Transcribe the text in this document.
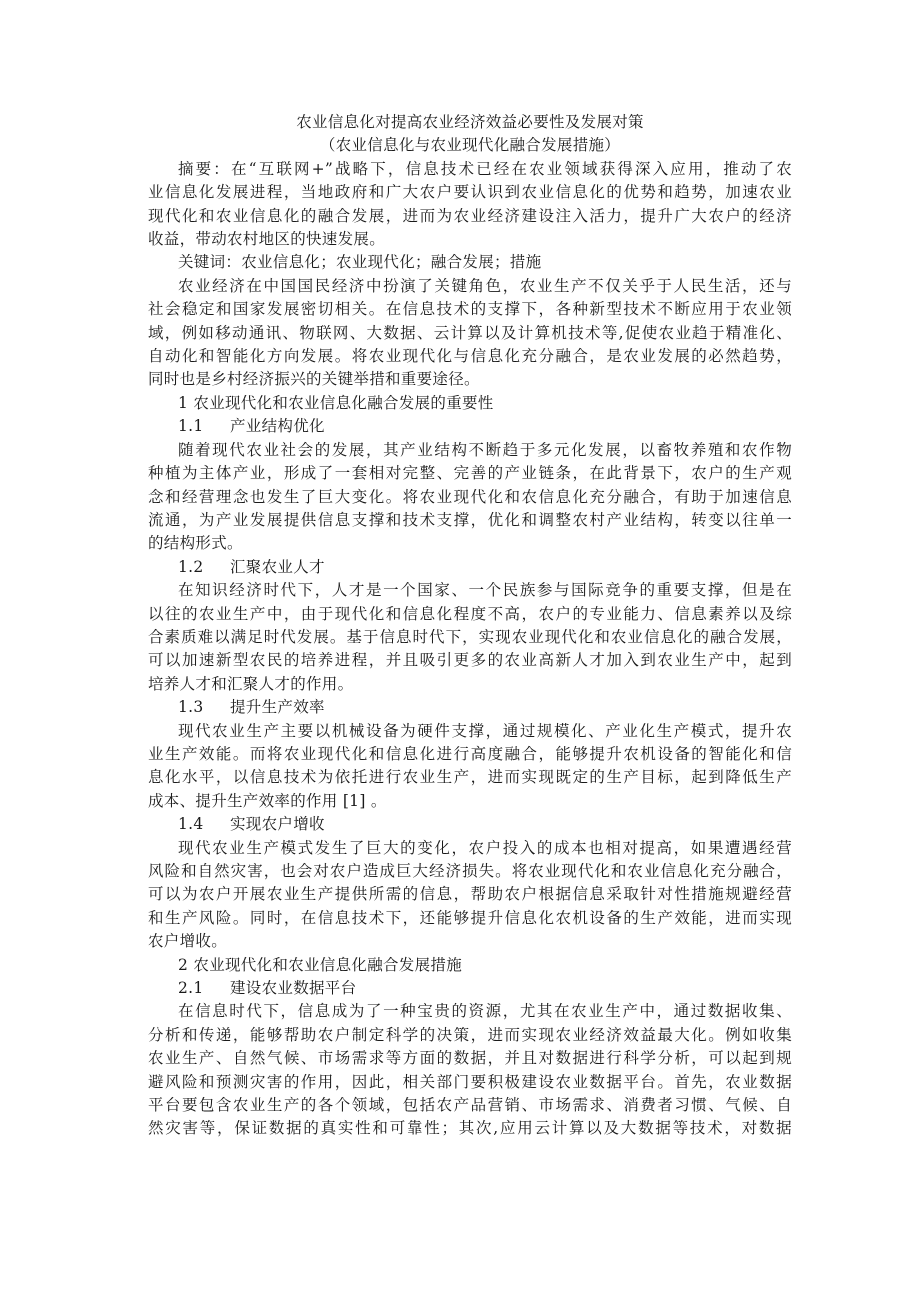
农业信息化对提高农业经济效益必要性及发展对策
（农业信息化与农业现代化融合发展措施）
摘要：在“互联网+”战略下，信息技术已经在农业领域获得深入应用，推动了农
业信息化发展进程，当地政府和广大农户要认识到农业信息化的优势和趋势，加速农业
现代化和农业信息化的融合发展，进而为农业经济建设注入活力，提升广大农户的经济
收益，带动农村地区的快速发展。
关键词：农业信息化；农业现代化；融合发展；措施
农业经济在中国国民经济中扮演了关键角色，农业生产不仅关乎于人民生活，还与
社会稳定和国家发展密切相关。在信息技术的支撑下，各种新型技术不断应用于农业领
域，例如移动通讯、物联网、大数据、云计算以及计算机技术等,促使农业趋于精准化、
自动化和智能化方向发展。将农业现代化与信息化充分融合，是农业发展的必然趋势，
同时也是乡村经济振兴的关键举措和重要途径。
1 农业现代化和农业信息化融合发展的重要性
1.1 产业结构优化
随着现代农业社会的发展，其产业结构不断趋于多元化发展，以畜牧养殖和农作物
种植为主体产业，形成了一套相对完整、完善的产业链条，在此背景下，农户的生产观
念和经营理念也发生了巨大变化。将农业现代化和农信息化充分融合，有助于加速信息
流通，为产业发展提供信息支撑和技术支撑，优化和调整农村产业结构，转变以往单一
的结构形式。
1.2 汇聚农业人才
在知识经济时代下，人才是一个国家、一个民族参与国际竞争的重要支撑，但是在
以往的农业生产中，由于现代化和信息化程度不高，农户的专业能力、信息素养以及综
合素质难以满足时代发展。基于信息时代下，实现农业现代化和农业信息化的融合发展，
可以加速新型农民的培养进程，并且吸引更多的农业高新人才加入到农业生产中，起到
培养人才和汇聚人才的作用。
1.3 提升生产效率
现代农业生产主要以机械设备为硬件支撑，通过规模化、产业化生产模式，提升农
业生产效能。而将农业现代化和信息化进行高度融合，能够提升农机设备的智能化和信
息化水平，以信息技术为依托进行农业生产，进而实现既定的生产目标，起到降低生产
成本、提升生产效率的作用 [1] 。
1.4 实现农户增收
现代农业生产模式发生了巨大的变化，农户投入的成本也相对提高，如果遭遇经营
风险和自然灾害，也会对农户造成巨大经济损失。将农业现代化和农业信息化充分融合，
可以为农户开展农业生产提供所需的信息，帮助农户根据信息采取针对性措施规避经营
和生产风险。同时，在信息技术下，还能够提升信息化农机设备的生产效能，进而实现
农户增收。
2 农业现代化和农业信息化融合发展措施
2.1 建设农业数据平台
在信息时代下，信息成为了一种宝贵的资源，尤其在农业生产中，通过数据收集、
分析和传递，能够帮助农户制定科学的决策，进而实现农业经济效益最大化。例如收集
农业生产、自然气候、市场需求等方面的数据，并且对数据进行科学分析，可以起到规
避风险和预测灾害的作用，因此，相关部门要积极建设农业数据平台。首先，农业数据
平台要包含农业生产的各个领域，包括农产品营销、市场需求、消费者习惯、气候、自
然灾害等，保证数据的真实性和可靠性；其次,应用云计算以及大数据等技术，对数据
